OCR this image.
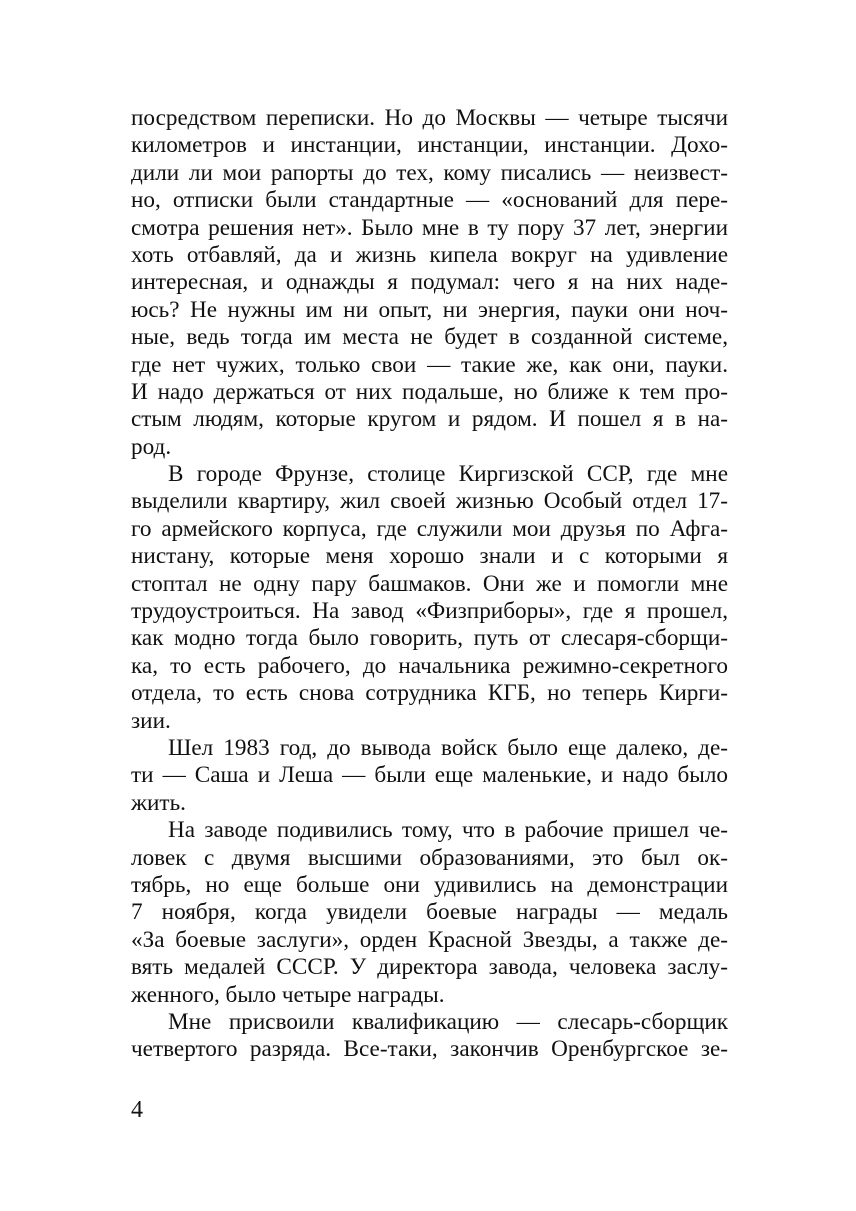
посредством переписки. Но до Москвы — четыре тысячи
километров и инстанции, инстанции, инстанции. Дохо-
дили ли мои рапорты до тех, кому писались — неизвест-
но, отписки были стандартные — «оснований для пере-
смотра решения нет». Было мне в ту пору 37 лет, энергии
хоть отбавляй, да и жизнь кипела вокруг на удивление
интересная, и однажды я подумал: чего я на них наде-
юсь? Не нужны им ни опыт, ни энергия, пауки они ноч-
ные, ведь тогда им места не будет в созданной системе,
где нет чужих, только свои — такие же, как они, пауки.
И надо держаться от них подальше, но ближе к тем про-
стым людям, которые кругом и рядом. И пошел я в на-
род.
В городе Фрунзе, столице Киргизской ССР, где мне
выделили квартиру, жил своей жизнью Особый отдел 17-
го армейского корпуса, где служили мои друзья по Афга-
нистану, которые меня хорошо знали и с которыми я
стоптал не одну пару башмаков. Они же и помогли мне
трудоустроиться. На завод «Физприборы», где я прошел,
как модно тогда было говорить, путь от слесаря-сборщи-
ка, то есть рабочего, до начальника режимно-секретного
отдела, то есть снова сотрудника КГБ, но теперь Кирги-
зии.
Шел 1983 год, до вывода войск было еще далеко, де-
ти — Саша и Леша — были еще маленькие, и надо было
жить.
На заводе подивились тому, что в рабочие пришел че-
ловек с двумя высшими образованиями, это был ок-
тябрь, но еще больше они удивились на демонстрации
7 ноября, когда увидели боевые награды — медаль
«За боевые заслуги», орден Красной Звезды, а также де-
вять медалей СССР. У директора завода, человека заслу-
женного, было четыре награды.
Мне присвоили квалификацию — слесарь-сборщик
четвертого разряда. Все-таки, закончив Оренбургское зе-
4
